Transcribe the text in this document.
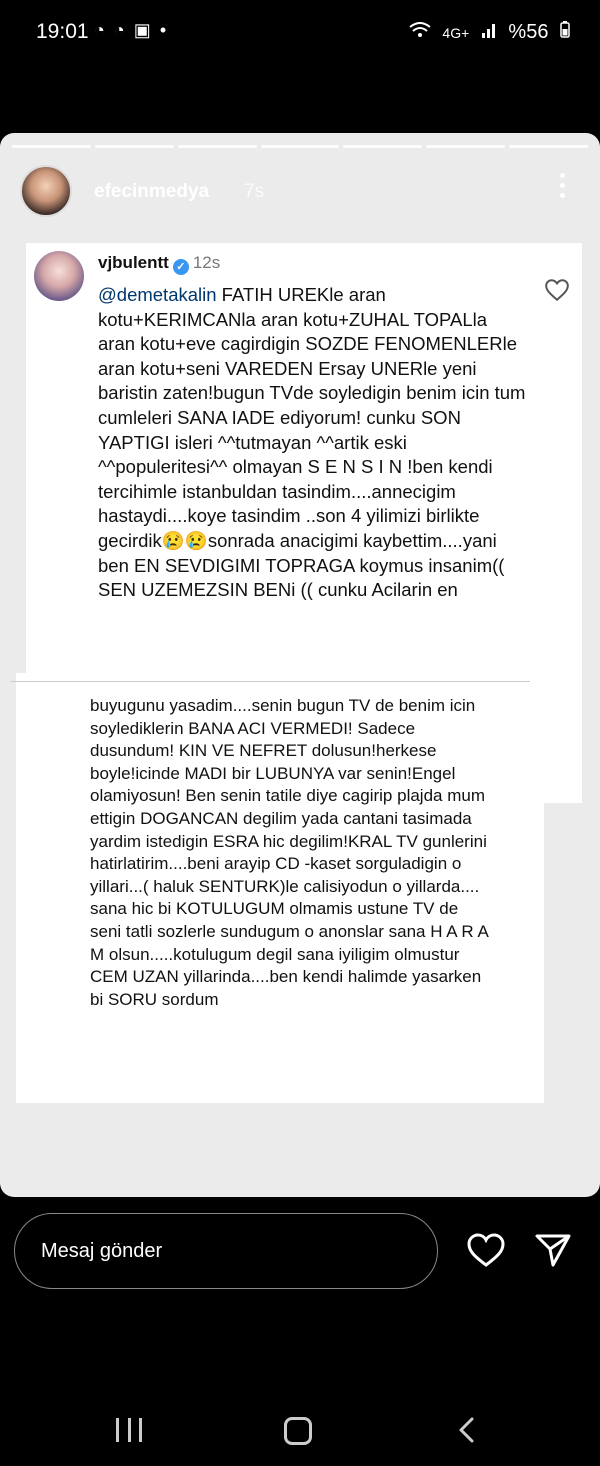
19:01 ◔ ◔ ▣ •	4G+ %56
efecinmedya 7s
vjbulentt ✓ 12s
@demetakalin FATIH UREKle aran kotu+KERIMCANla aran kotu+ZUHAL TOPALla aran kotu+eve cagirdigin SOZDE FENOMENLERle aran kotu+seni VAREDEN Ersay UNERle yeni baristin zaten!bugun TVde soyledigin benim icin tum cumleleri SANA IADE ediyorum! cunku SON YAPTIGI isleri ^^tutmayan ^^artik eski ^^populeritesi^^ olmayan S E N S I N !ben kendi tercihimle istanbuldan tasindim....annecigim hastaydi....koye tasindim ..son 4 yilimizi birlikte gecirdik😢😢sonrada anacigimi kaybettim....yani ben EN SEVDIGIMI TOPRAGA koymus insanim(( SEN UZEMEZSIN BENi (( cunku Acilarin en
buyugunu yasadim....senin bugun TV de benim icin soylediklerin BANA ACI VERMEDI! Sadece dusundum! KIN VE NEFRET dolusun!herkese boyle!icinde MADI bir LUBUNYA var senin!Engel olamiyosun! Ben senin tatile diye cagirip plajda mum ettigin DOGANCAN degilim yada cantani tasimada yardim istedigin ESRA hic degilim!KRAL TV gunlerini hatirlatirim....beni arayip CD -kaset sorguladigin o yillari...( haluk SENTURK)le calisiyodun o yillarda.... sana hic bi KOTULUGUM olmamis ustune TV de seni tatli sozlerle sundugum o anonslar sana H A R A M olsun.....kotulugum degil sana iyiligim olmustur CEM UZAN yillarinda....ben kendi halimde yasarken bi SORU sordum
Mesaj gönder
